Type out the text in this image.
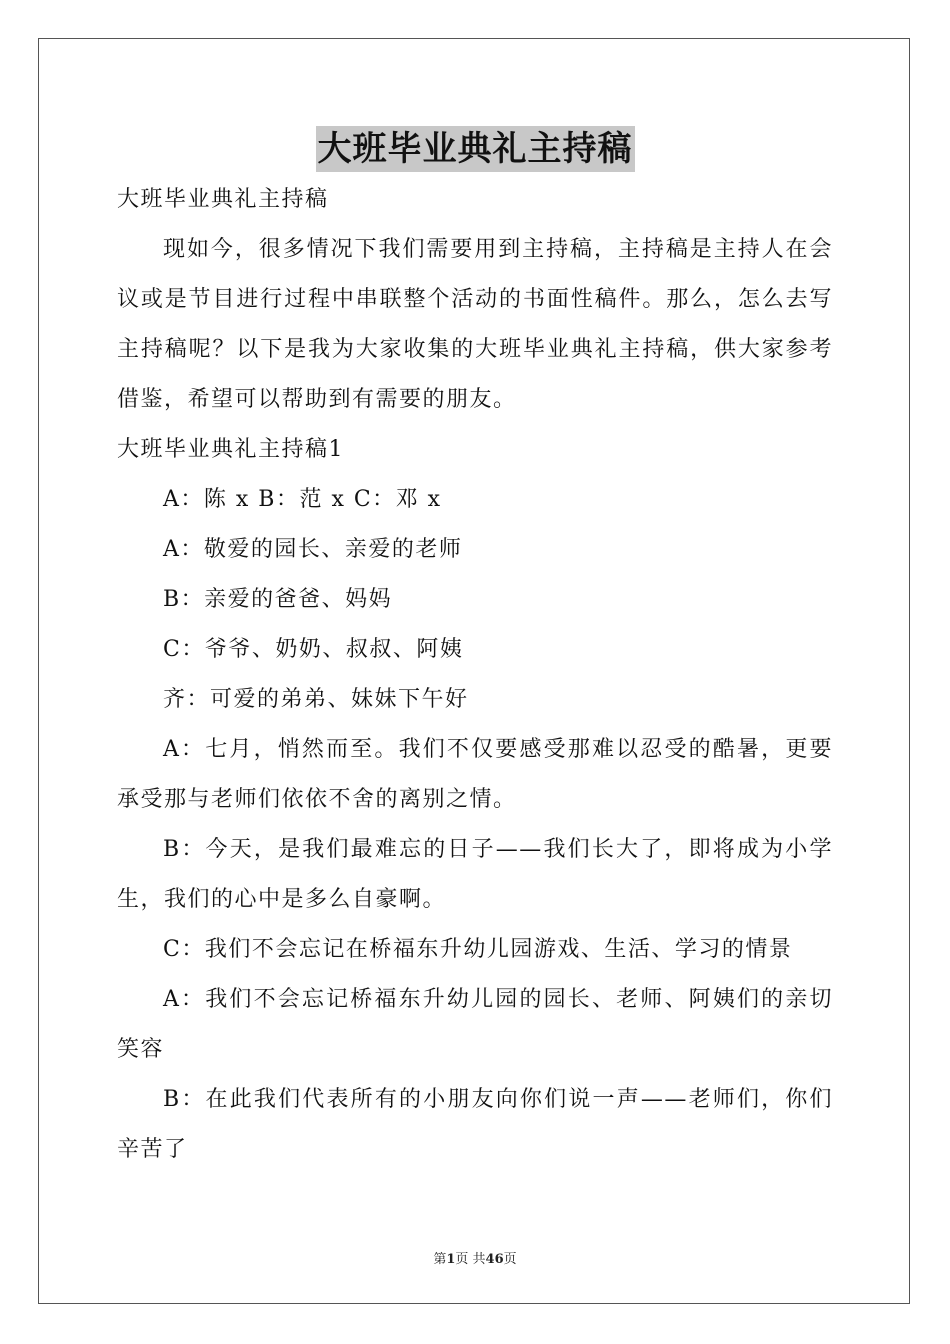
大班毕业典礼主持稿
大班毕业典礼主持稿
现如今，很多情况下我们需要用到主持稿，主持稿是主持人在会
议或是节目进行过程中串联整个活动的书面性稿件。那么，怎么去写
主持稿呢？以下是我为大家收集的大班毕业典礼主持稿，供大家参考
借鉴，希望可以帮助到有需要的朋友。
大班毕业典礼主持稿1
A：陈 x B：范 x C：邓 x
A：敬爱的园长、亲爱的老师
B：亲爱的爸爸、妈妈
C：爷爷、奶奶、叔叔、阿姨
齐：可爱的弟弟、妹妹下午好
A：七月，悄然而至。我们不仅要感受那难以忍受的酷暑，更要
承受那与老师们依依不舍的离别之情。
B：今天，是我们最难忘的日子——我们长大了，即将成为小学
生，我们的心中是多么自豪啊。
C：我们不会忘记在桥福东升幼儿园游戏、生活、学习的情景
A：我们不会忘记桥福东升幼儿园的园长、老师、阿姨们的亲切
笑容
B：在此我们代表所有的小朋友向你们说一声——老师们，你们
辛苦了
第1页 共46页
